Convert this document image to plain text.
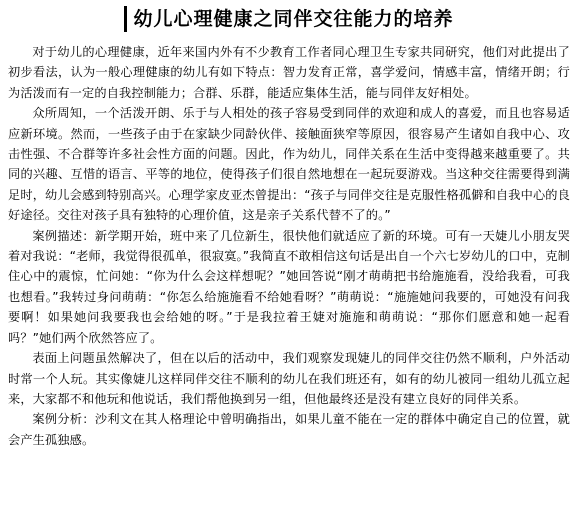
幼儿心理健康之同伴交往能力的培养

对于幼儿的心理健康，近年来国内外有不少教育工作者同心理卫生专家共同研究，他们对此提出了初步看法，认为一般心理健康的幼儿有如下特点：智力发育正常，喜学爱问，情感丰富，情绪开朗；行为活泼而有一定的自我控制能力；合群、乐群，能适应集体生活，能与同伴友好相处。

众所周知，一个活泼开朗、乐于与人相处的孩子容易受到同伴的欢迎和成人的喜爱，而且也容易适应新环境。然而，一些孩子由于在家缺少同龄伙伴、接触面狭窄等原因，很容易产生诸如自我中心、攻击性强、不合群等许多社会性方面的问题。因此，作为幼儿，同伴关系在生活中变得越来越重要了。共同的兴趣、互惜的语言、平等的地位，使得孩子们很自然地想在一起玩耍游戏。当这种交往需要得到满足时，幼儿会感到特别高兴。心理学家皮亚杰曾提出：“孩子与同伴交往是克服性格孤僻和自我中心的良好途径。交往对孩子具有独特的心理价值，这是亲子关系代替不了的。”

案例描述：新学期开始，班中来了几位新生，很快他们就适应了新的环境。可有一天婕儿小朋友哭着对我说：“老师，我觉得很孤单，很寂寞。”我简直不敢相信这句话是出自一个六七岁幼儿的口中，克制住心中的震惊，忙问她：“你为什么会这样想呢？”她回答说“刚才萌萌把书给施施看，没给我看，可我也想看。”我转过身问萌萌：“你怎么给施施看不给她看呀？”萌萌说：“施施她问我要的，可她没有问我要啊！如果她问我要我也会给她的呀。”于是我拉着王婕对施施和萌萌说：“那你们愿意和她一起看吗？”她们两个欣然答应了。

表面上问题虽然解决了，但在以后的活动中，我们观察发现婕儿的同伴交往仍然不顺利，户外活动时常一个人玩。其实像婕儿这样同伴交往不顺利的幼儿在我们班还有，如有的幼儿被同一组幼儿孤立起来，大家都不和他玩和他说话，我们帮他换到另一组，但他最终还是没有建立良好的同伴关系。

案例分析：沙利文在其人格理论中曾明确指出，如果儿童不能在一定的群体中确定自己的位置，就会产生孤独感。
